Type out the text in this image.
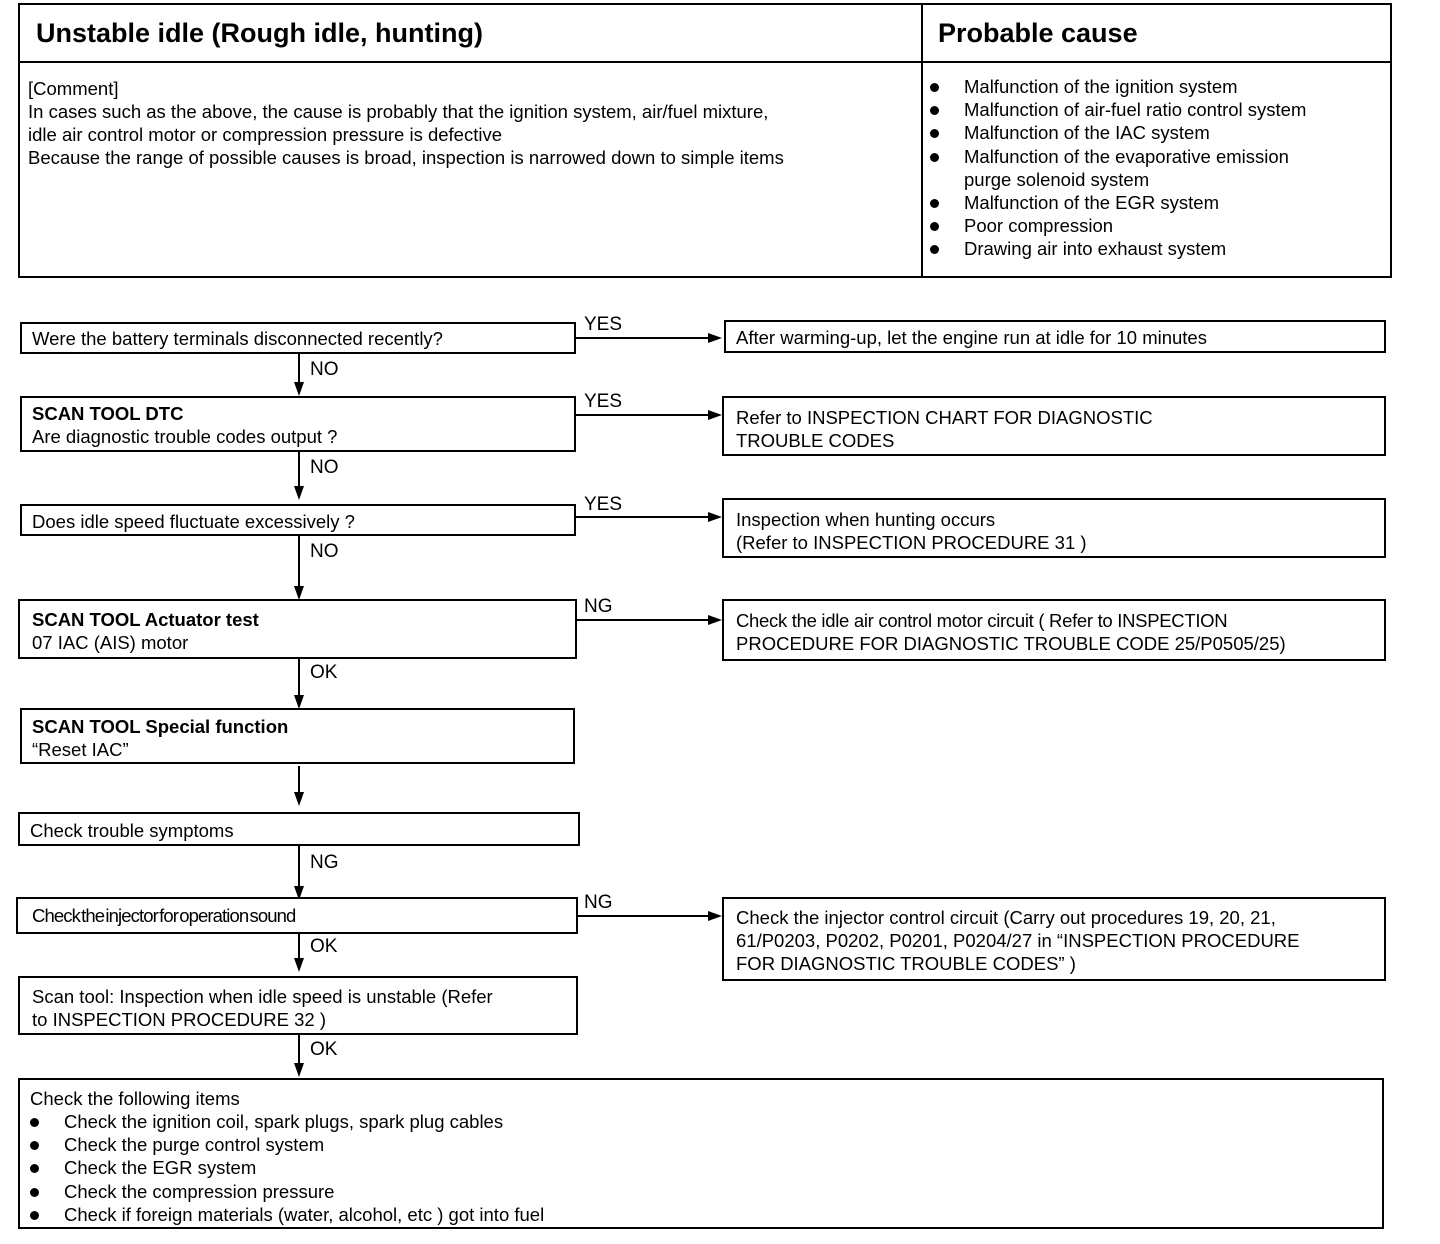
Unstable idle (Rough idle, hunting)	Probable cause
[Comment]
In cases such as the above, the cause is probably that the ignition system, air/fuel mixture,
idle air control motor or compression pressure is defective
Because the range of possible causes is broad, inspection is narrowed down to simple items
Malfunction of the ignition system
Malfunction of air-fuel ratio control system
Malfunction of the IAC system
Malfunction of the evaporative emission
purge solenoid system
Malfunction of the EGR system
Poor compression
Drawing air into exhaust system
Were the battery terminals disconnected recently?
YES
After warming-up, let the engine run at idle for 10 minutes
NO
SCAN TOOL DTC
Are diagnostic trouble codes output ?
YES
Refer to INSPECTION CHART FOR DIAGNOSTIC
TROUBLE CODES
NO
Does idle speed fluctuate excessively ?
YES
Inspection when hunting occurs
(Refer to INSPECTION PROCEDURE 31 )
NO
SCAN TOOL Actuator test
07 IAC (AIS) motor
NG
Check the idle air control motor circuit ( Refer to INSPECTION
PROCEDURE FOR DIAGNOSTIC TROUBLE CODE 25/P0505/25)
OK
SCAN TOOL Special function
“Reset IAC”
Check trouble symptoms
NG
Check the injector for operation sound
NG
Check the injector control circuit (Carry out procedures 19, 20, 21,
61/P0203, P0202, P0201, P0204/27 in “INSPECTION PROCEDURE
FOR DIAGNOSTIC TROUBLE CODES” )
OK
Scan tool: Inspection when idle speed is unstable (Refer
to INSPECTION PROCEDURE 32 )
OK
Check the following items
Check the ignition coil, spark plugs, spark plug cables
Check the purge control system
Check the EGR system
Check the compression pressure
Check if foreign materials (water, alcohol, etc ) got into fuel
